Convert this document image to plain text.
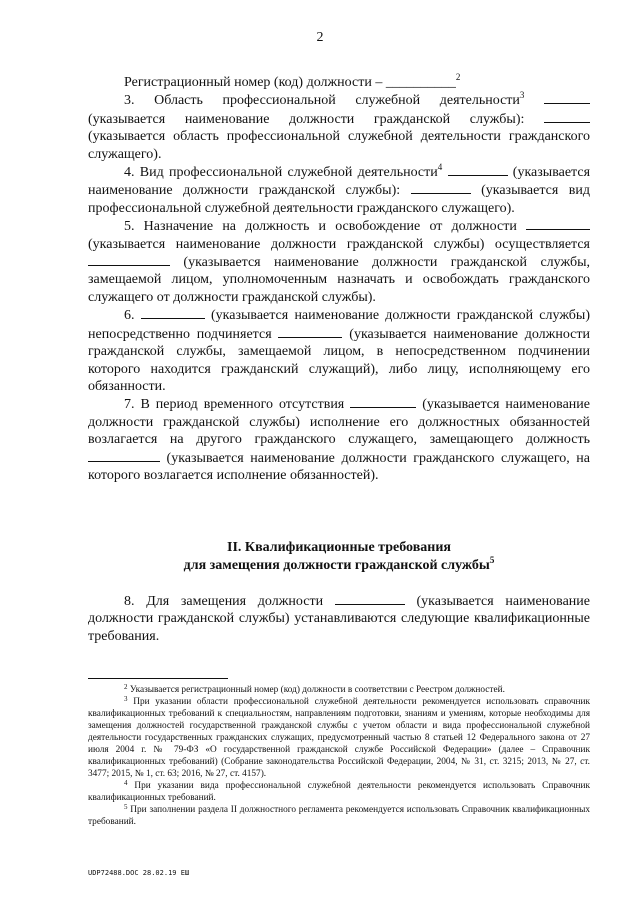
2

Регистрационный номер (код) должности – __________$^2$

3. Область профессиональной служебной деятельности$^3$  (указывается наименование должности гражданской службы):  (указывается область профессиональной служебной деятельности гражданского служащего).

4. Вид профессиональной служебной деятельности$^4$	(указывается наименование должности гражданской службы):	(указывается вид профессиональной служебной деятельности гражданского служащего).

5. Назначение на должность и освобождение от должности  (указывается наименование должности гражданской службы) осуществляется  (указывается наименование должности гражданской службы, замещаемой лицом, уполномоченным назначать и освобождать гражданского служащего от должности гражданской службы).

6.	(указывается наименование должности гражданской службы) непосредственно подчиняется	(указывается наименование должности гражданской службы, замещаемой лицом, в непосредственном подчинении которого находится гражданский служащий), либо лицу, исполняющему его обязанности.

7. В период временного отсутствия	(указывается наименование должности гражданской службы) исполнение его должностных обязанностей возлагается на другого гражданского служащего, замещающего должность  (указывается наименование должности гражданского служащего, на которого возлагается исполнение обязанностей).

II. Квалификационные требования
для замещения должности гражданской службы$^5$

8. Для замещения должности	(указывается наименование должности гражданской службы) устанавливаются следующие квалификационные требования.

$^2$ Указывается регистрационный номер (код) должности в соответствии с Реестром должностей.

$^3$ При указании области профессиональной служебной деятельности рекомендуется использовать справочник квалификационных требований к специальностям, направлениям подготовки, знаниям и умениям, которые необходимы для замещения должностей государственной гражданской службы с учетом области и вида профессиональной служебной деятельности государственных гражданских служащих, предусмотренный частью 8 статьей 12 Федерального закона от 27 июля 2004 г. № 79-ФЗ «О государственной гражданской службе Российской Федерации» (далее – Справочник квалификационных требований) (Собрание законодательства Российской Федерации, 2004, № 31, ст. 3215; 2013, № 27, ст. 3477; 2015, № 1, ст. 63; 2016, № 27, ст. 4157).

$^4$ При указании вида профессиональной служебной деятельности рекомендуется использовать Справочник квалификационных требований.

$^5$ При заполнении раздела II должностного регламента рекомендуется использовать Справочник квалификационных требований.

UDP72488.DOC 28.02.19 ЕШ
